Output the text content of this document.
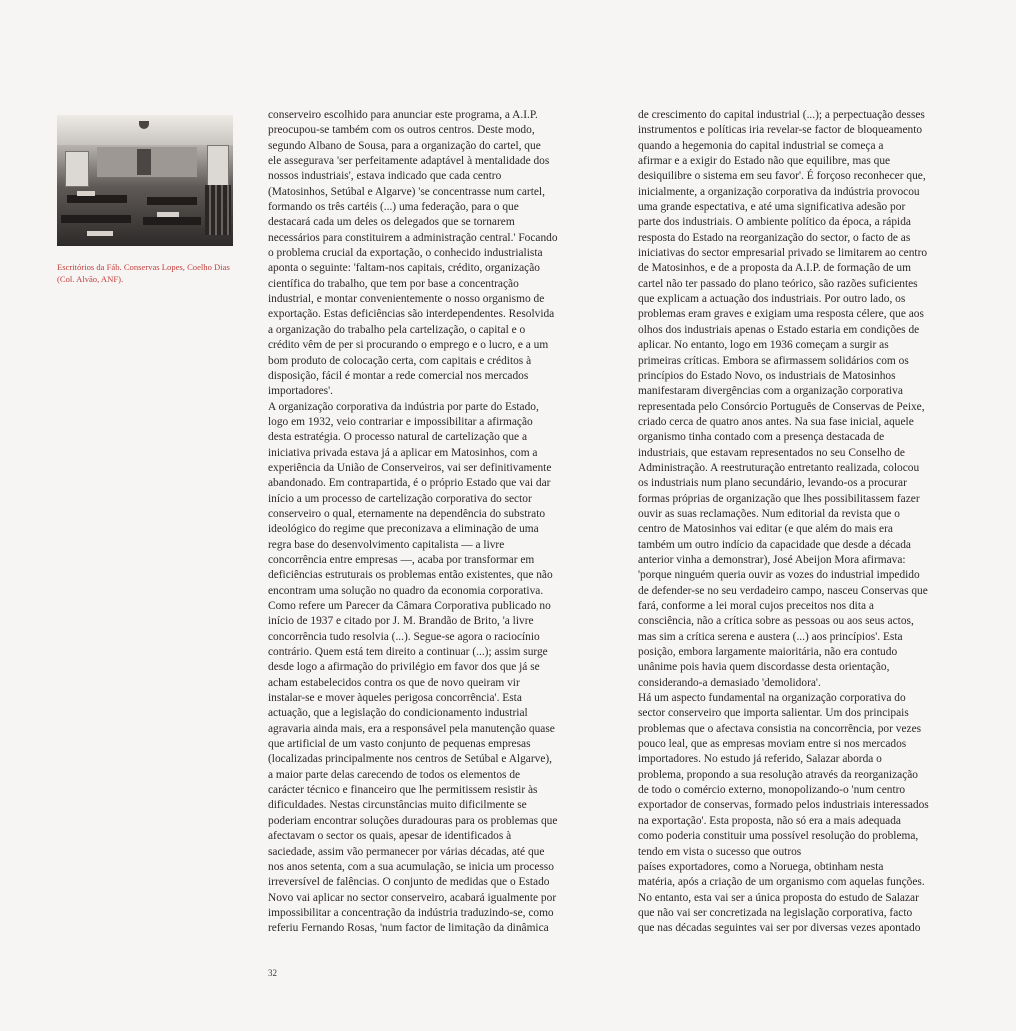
Escritórios da Fáb. Conservas Lopes, Coelho Dias (Col. Alvão, ANF).

conserveiro escolhido para anunciar este programa, a A.I.P.
preocupou-se também com os outros centros. Deste modo,
segundo Albano de Sousa, para a organização do cartel, que
ele assegurava 'ser perfeitamente adaptável à mentalidade dos
nossos industriais', estava indicado que cada centro
(Matosinhos, Setúbal e Algarve) 'se concentrasse num cartel,
formando os três cartéis (...) uma federação, para o que
destacará cada um deles os delegados que se tornarem
necessários para constituirem a administração central.' Focando
o problema crucial da exportação, o conhecido industrialista
aponta o seguinte: 'faltam-nos capitais, crédito, organização
científica do trabalho, que tem por base a concentração
industrial, e montar convenientemente o nosso organismo de
exportação. Estas deficiências são interdependentes. Resolvida
a organização do trabalho pela cartelização, o capital e o
crédito vêm de per si procurando o emprego e o lucro, e a um
bom produto de colocação certa, com capitais e créditos à
disposição, fácil é montar a rede comercial nos mercados
importadores'.
A organização corporativa da indústria por parte do Estado,
logo em 1932, veio contrariar e impossibilitar a afirmação
desta estratégia. O processo natural de cartelização que a
iniciativa privada estava já a aplicar em Matosinhos, com a
experiência da União de Conserveiros, vai ser definitivamente
abandonado. Em contrapartida, é o próprio Estado que vai dar
início a um processo de cartelização corporativa do sector
conserveiro o qual, eternamente na dependência do substrato
ideológico do regime que preconizava a eliminação de uma
regra base do desenvolvimento capitalista — a livre
concorrência entre empresas —, acaba por transformar em
deficiências estruturais os problemas então existentes, que não
encontram uma solução no quadro da economia corporativa.
Como refere um Parecer da Câmara Corporativa publicado no
início de 1937 e citado por J. M. Brandão de Brito, 'a livre
concorrência tudo resolvia (...). Segue-se agora o raciocínio
contrário. Quem está tem direito a continuar (...); assim surge
desde logo a afirmação do privilégio em favor dos que já se
acham estabelecidos contra os que de novo queiram vir
instalar-se e mover àqueles perigosa concorrência'. Esta
actuação, que a legislação do condicionamento industrial
agravaria ainda mais, era a responsável pela manutenção quase
que artificial de um vasto conjunto de pequenas empresas
(localizadas principalmente nos centros de Setúbal e Algarve),
a maior parte delas carecendo de todos os elementos de
carácter técnico e financeiro que lhe permitissem resistir às
dificuldades. Nestas circunstâncias muito dificilmente se
poderiam encontrar soluções duradouras para os problemas que
afectavam o sector os quais, apesar de identificados à
saciedade, assim vão permanecer por várias décadas, até que
nos anos setenta, com a sua acumulação, se inicia um processo
irreversível de falências. O conjunto de medidas que o Estado
Novo vai aplicar no sector conserveiro, acabará igualmente por
impossibilitar a concentração da indústria traduzindo-se, como
referiu Fernando Rosas, 'num factor de limitação da dinâmica
de crescimento do capital industrial (...); a perpectuação desses
instrumentos e políticas iria revelar-se factor de bloqueamento
quando a hegemonia do capital industrial se começa a
afirmar e a exigir do Estado não que equilibre, mas que
desiquilibre o sistema em seu favor'. É forçoso reconhecer que,
inicialmente, a organização corporativa da indústria provocou
uma grande espectativa, e até uma significativa adesão por
parte dos industriais. O ambiente político da época, a rápida
resposta do Estado na reorganização do sector, o facto de as
iniciativas do sector empresarial privado se limitarem ao centro
de Matosinhos, e de a proposta da A.I.P. de formação de um
cartel não ter passado do plano teórico, são razões suficientes
que explicam a actuação dos industriais. Por outro lado, os
problemas eram graves e exigiam uma resposta célere, que aos
olhos dos industriais apenas o Estado estaria em condições de
aplicar. No entanto, logo em 1936 começam a surgir as
primeiras críticas. Embora se afirmassem solidários com os
princípios do Estado Novo, os industriais de Matosinhos
manifestaram divergências com a organização corporativa
representada pelo Consórcio Português de Conservas de Peixe,
criado cerca de quatro anos antes. Na sua fase inicial, aquele
organismo tinha contado com a presença destacada de
industriais, que estavam representados no seu Conselho de
Administração. A reestruturação entretanto realizada, colocou
os industriais num plano secundário, levando-os a procurar
formas próprias de organização que lhes possibilitassem fazer
ouvir as suas reclamações. Num editorial da revista que o
centro de Matosinhos vai editar (e que além do mais era
também um outro indício da capacidade que desde a década
anterior vinha a demonstrar), José Abeijon Mora afirmava:
'porque ninguém queria ouvir as vozes do industrial impedido
de defender-se no seu verdadeiro campo, nasceu Conservas que
fará, conforme a lei moral cujos preceitos nos dita a
consciência, não a crítica sobre as pessoas ou aos seus actos,
mas sim a crítica serena e austera (...) aos princípios'. Esta
posição, embora largamente maioritária, não era contudo
unânime pois havia quem discordasse desta orientação,
considerando-a demasiado 'demolidora'.
Há um aspecto fundamental na organização corporativa do
sector conserveiro que importa salientar. Um dos principais
problemas que o afectava consistia na concorrência, por vezes
pouco leal, que as empresas moviam entre si nos mercados
importadores. No estudo já referido, Salazar aborda o
problema, propondo a sua resolução através da reorganização
de todo o comércio externo, monopolizando-o 'num centro
exportador de conservas, formado pelos industriais interessados
na exportação'. Esta proposta, não só era a mais adequada
como poderia constituir uma possível resolução do problema,
tendo em vista o sucesso que outros
países exportadores, como a Noruega, obtinham nesta
matéria, após a criação de um organismo com aquelas funções.
No entanto, esta vai ser a única proposta do estudo de Salazar
que não vai ser concretizada na legislação corporativa, facto
que nas décadas seguintes vai ser por diversas vezes apontado
32
